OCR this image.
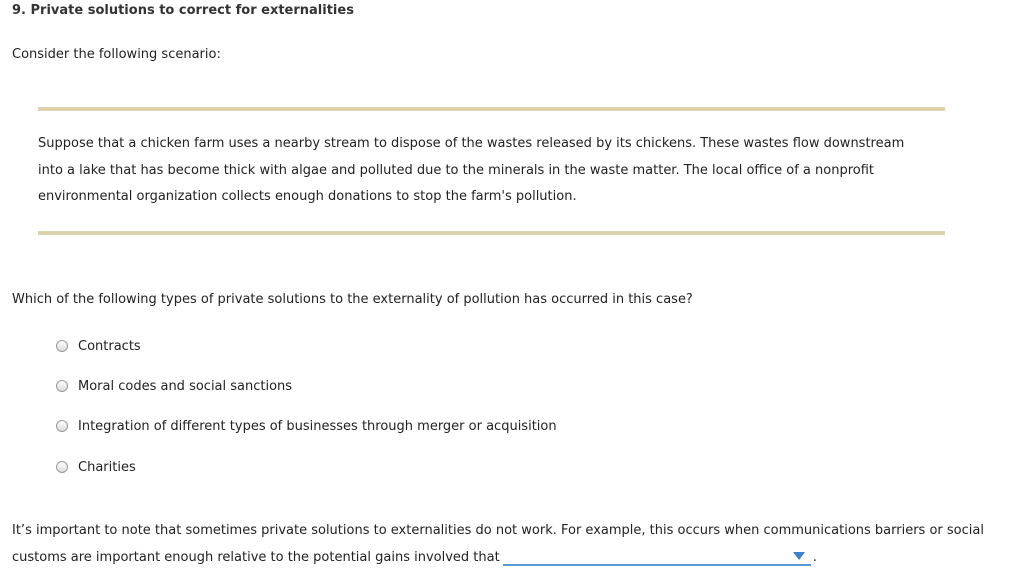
9. Private solutions to correct for externalities
Consider the following scenario:
Suppose that a chicken farm uses a nearby stream to dispose of the wastes released by its chickens. These wastes flow downstream
into a lake that has become thick with algae and polluted due to the minerals in the waste matter. The local office of a nonprofit
environmental organization collects enough donations to stop the farm's pollution.
Which of the following types of private solutions to the externality of pollution has occurred in this case?
Contracts
Moral codes and social sanctions
Integration of different types of businesses through merger or acquisition
Charities
It’s important to note that sometimes private solutions to externalities do not work. For example, this occurs when communications barriers or social
customs are important enough relative to the potential gains involved that	.
